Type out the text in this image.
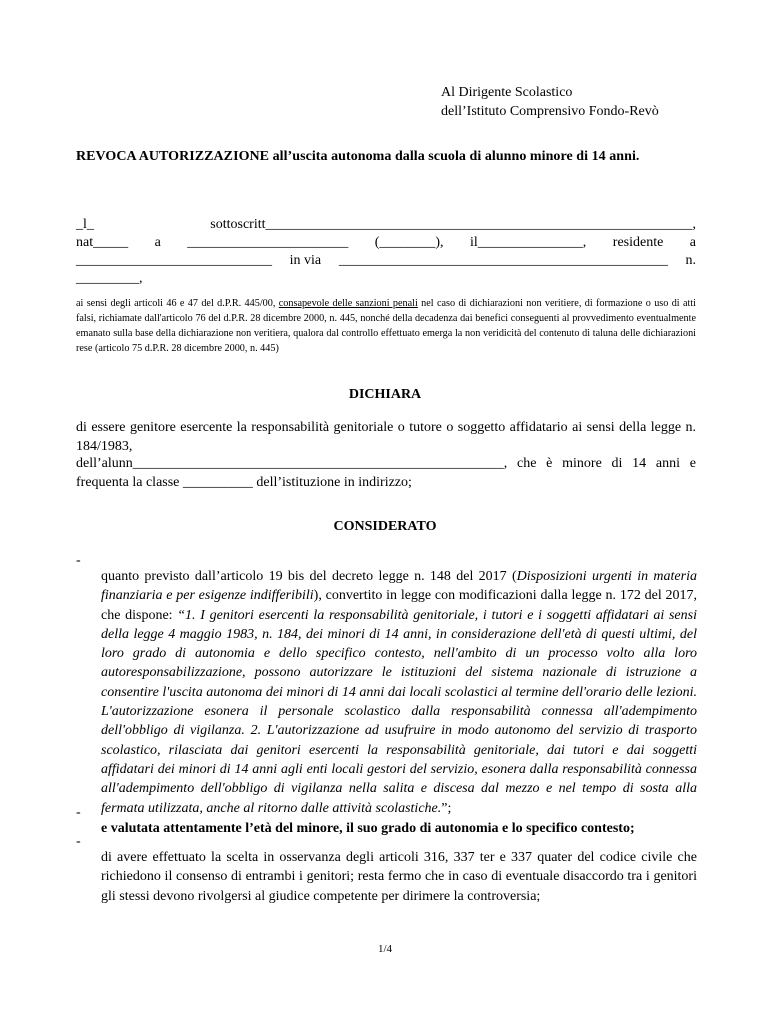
Al Dirigente Scolastico
dell’Istituto Comprensivo Fondo-Revò
REVOCA AUTORIZZAZIONE all’uscita autonoma dalla scuola di alunno minore di 14 anni.
_l_	sottoscritt_____________________________________________________________,
nat_____ a _______________________ (________), il_______________, residente a
____________________________ in via _______________________________________________ n.
_________,

ai sensi degli articoli 46 e 47 del d.P.R. 445/00, consapevole delle sanzioni penali nel caso di dichiarazioni non veritiere, di formazione o uso di atti falsi, richiamate dall'articolo 76 del d.P.R. 28 dicembre 2000, n. 445, nonché della decadenza dai benefici conseguenti al provvedimento eventualmente emanato sulla base della dichiarazione non veritiera, qualora dal controllo effettuato emerga la non veridicità del contenuto di taluna delle dichiarazioni rese (articolo 75 d.P.R. 28 dicembre 2000, n. 445)

DICHIARA

di essere genitore esercente la responsabilità genitoriale o tutore o soggetto affidatario ai sensi della legge n. 184/1983,

dell’alunn_____________________________________________________, che è minore di 14 anni e frequenta la classe __________ dell’istituzione in indirizzo;

CONSIDERATO
-

quanto previsto dall’articolo 19 bis del decreto legge n. 148 del 2017 (Disposizioni urgenti in materia finanziaria e per esigenze indifferibili), convertito in legge con modificazioni dalla legge n. 172 del 2017, che dispone: “1. I genitori esercenti la responsabilità genitoriale, i tutori e i soggetti affidatari ai sensi della legge 4 maggio 1983, n. 184, dei minori di 14 anni, in considerazione dell'età di questi ultimi, del loro grado di autonomia e dello specifico contesto, nell'ambito di un processo volto alla loro autoresponsabilizzazione, possono autorizzare le istituzioni del sistema nazionale di istruzione a consentire l'uscita autonoma dei minori di 14 anni dai locali scolastici al termine dell'orario delle lezioni. L'autorizzazione esonera il personale scolastico dalla responsabilità connessa all'adempimento dell'obbligo di vigilanza. 2. L'autorizzazione ad usufruire in modo autonomo del servizio di trasporto scolastico, rilasciata dai genitori esercenti la responsabilità genitoriale, dai tutori e dai soggetti affidatari dei minori di 14 anni agli enti locali gestori del servizio, esonera dalla responsabilità connessa all'adempimento dell'obbligo di vigilanza nella salita e discesa dal mezzo e nel tempo di sosta alla fermata utilizzata, anche al ritorno dalle attività scolastiche.”;

-

e valutata attentamente l’età del minore, il suo grado di autonomia e lo specifico contesto;

-

di avere effettuato la scelta in osservanza degli articoli 316, 337 ter e 337 quater del codice civile che richiedono il consenso di entrambi i genitori; resta fermo che in caso di eventuale disaccordo tra i genitori gli stessi devono rivolgersi al giudice competente per dirimere la controversia;

1/4
